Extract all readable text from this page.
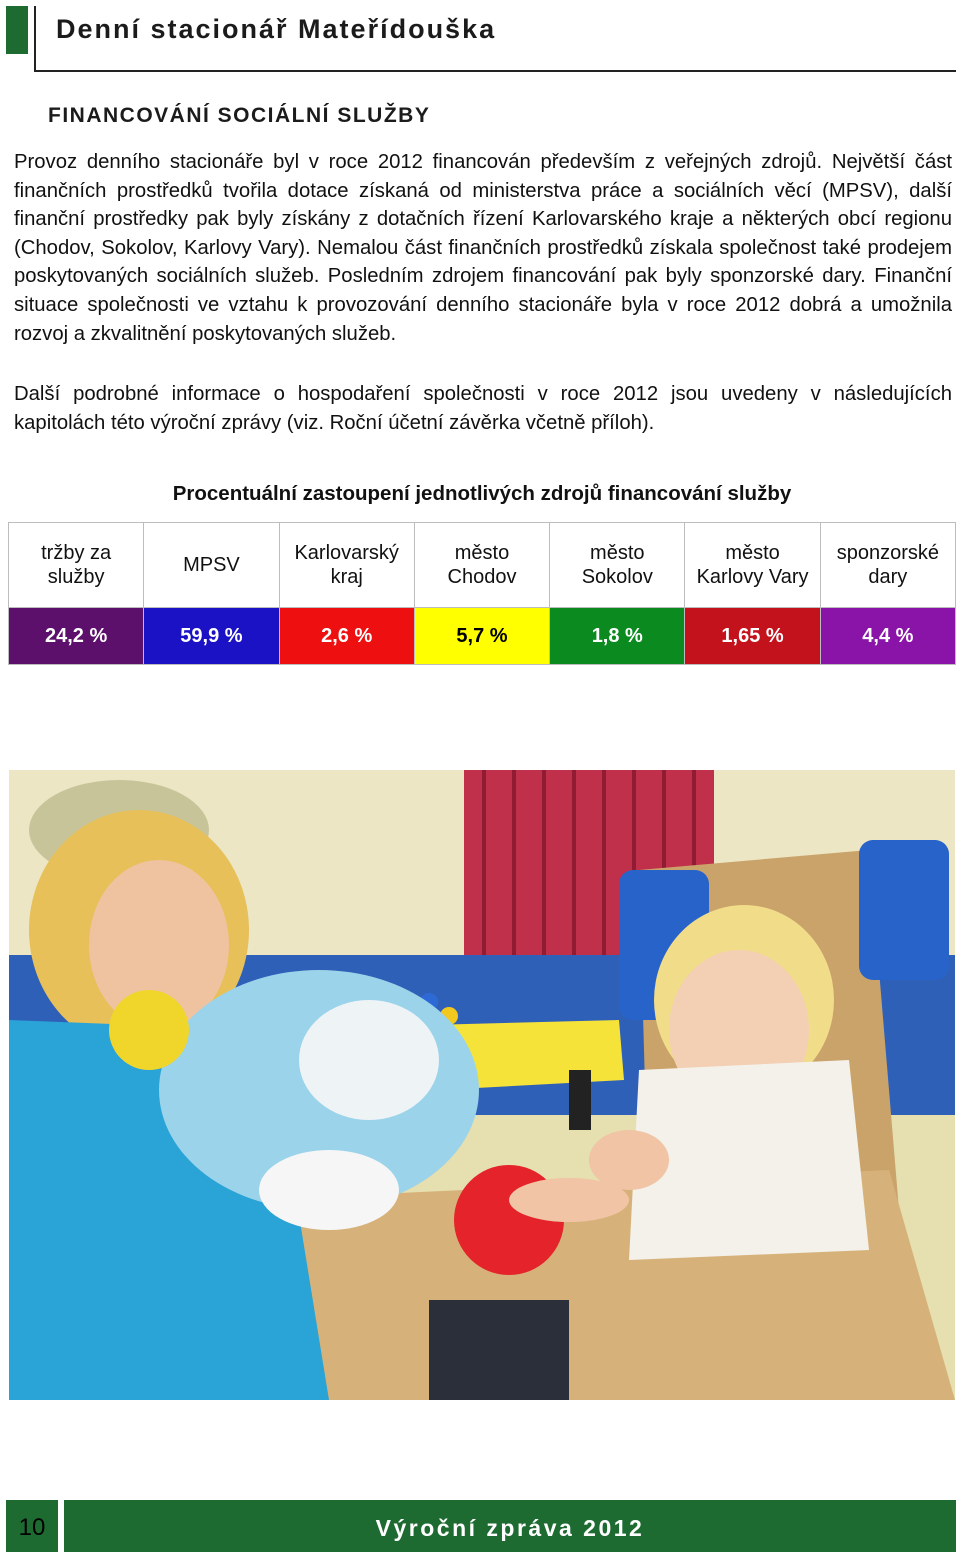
Denní stacionář Mateřídouška
FINANCOVÁNÍ SOCIÁLNÍ SLUŽBY
Provoz denního stacionáře byl v roce 2012 financován především z veřejných zdrojů. Největší část finančních prostředků tvořila dotace získaná od ministerstva práce a sociálních věcí (MPSV), další finanční prostředky pak byly získány z dotačních řízení Karlovarského kraje a některých obcí regionu (Chodov, Sokolov, Karlovy Vary). Nemalou část finančních prostředků získala společnost také prodejem poskytovaných sociálních služeb. Posledním zdrojem financování pak byly sponzorské dary. Finanční situace společnosti ve vztahu k provozování denního stacionáře byla v roce 2012 dobrá a umožnila rozvoj a zkvalitnění poskytovaných služeb.
Další podrobné informace o hospodaření společnosti v roce 2012 jsou uvedeny v následujících kapitolách této výroční zprávy (viz. Roční účetní závěrka včetně příloh).
Procentuální zastoupení jednotlivých zdrojů financování služby
tržby za služby	MPSV	Karlovarský kraj	město Chodov	město Sokolov	město Karlovy Vary	sponzorské dary
24,2 %	59,9 %	2,6 %	5,7 %	1,8 %	1,65 %	4,4 %
10	Výroční zpráva 2012
